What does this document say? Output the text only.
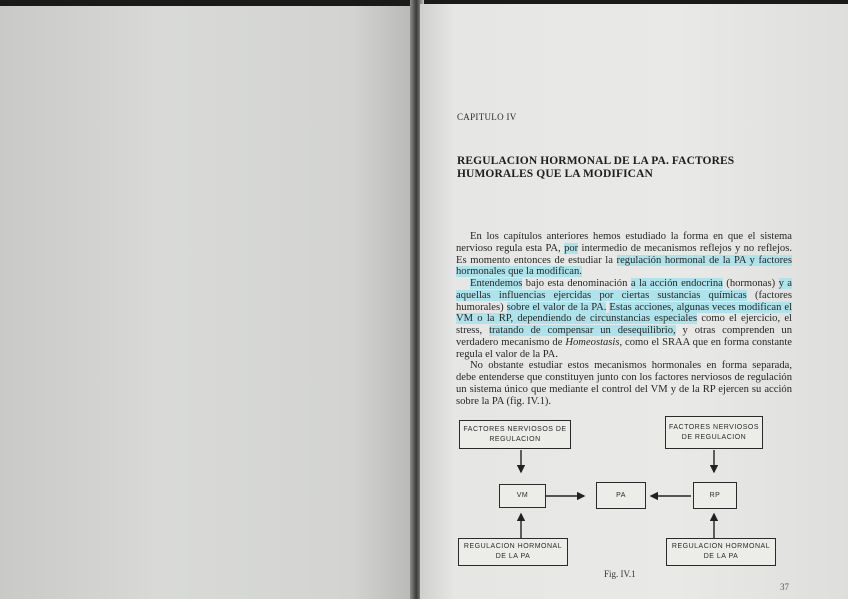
CAPITULO IV
REGULACION HORMONAL DE LA PA. FACTORES HUMORALES QUE LA MODIFICAN

En los capítulos anteriores hemos estudiado la forma en que el sistema nervioso regula esta PA, por intermedio de mecanismos reflejos y no reflejos. Es momento entonces de estudiar la regulación hormonal de la PA y factores hormonales que la modifican.

Entendemos bajo esta denominación a la acción endocrina (hormonas) y a aquellas influencias ejercidas por ciertas sustancias químicas (factores humorales) sobre el valor de la PA. Estas acciones, algunas veces modifican el VM o la RP, dependiendo de circunstancias especiales como el ejercicio, el stress, tratando de compensar un desequilibrio, y otras comprenden un verdadero mecanismo de Homeostasis, como el SRAA que en forma constante regula el valor de la PA.

No obstante estudiar estos mecanismos hormonales en forma separada, debe entenderse que constituyen junto con los factores nerviosos de regulación un sistema único que mediante el control del VM y de la RP ejercen su acción sobre la PA (fig. IV.1).

FACTORES NERVIOSOS DE REGULACION
FACTORES NERVIOSOS DE REGULACION
VM	PA	RP
REGULACION HORMONAL DE LA PA
REGULACION HORMONAL DE LA PA
Fig. IV.1
37
